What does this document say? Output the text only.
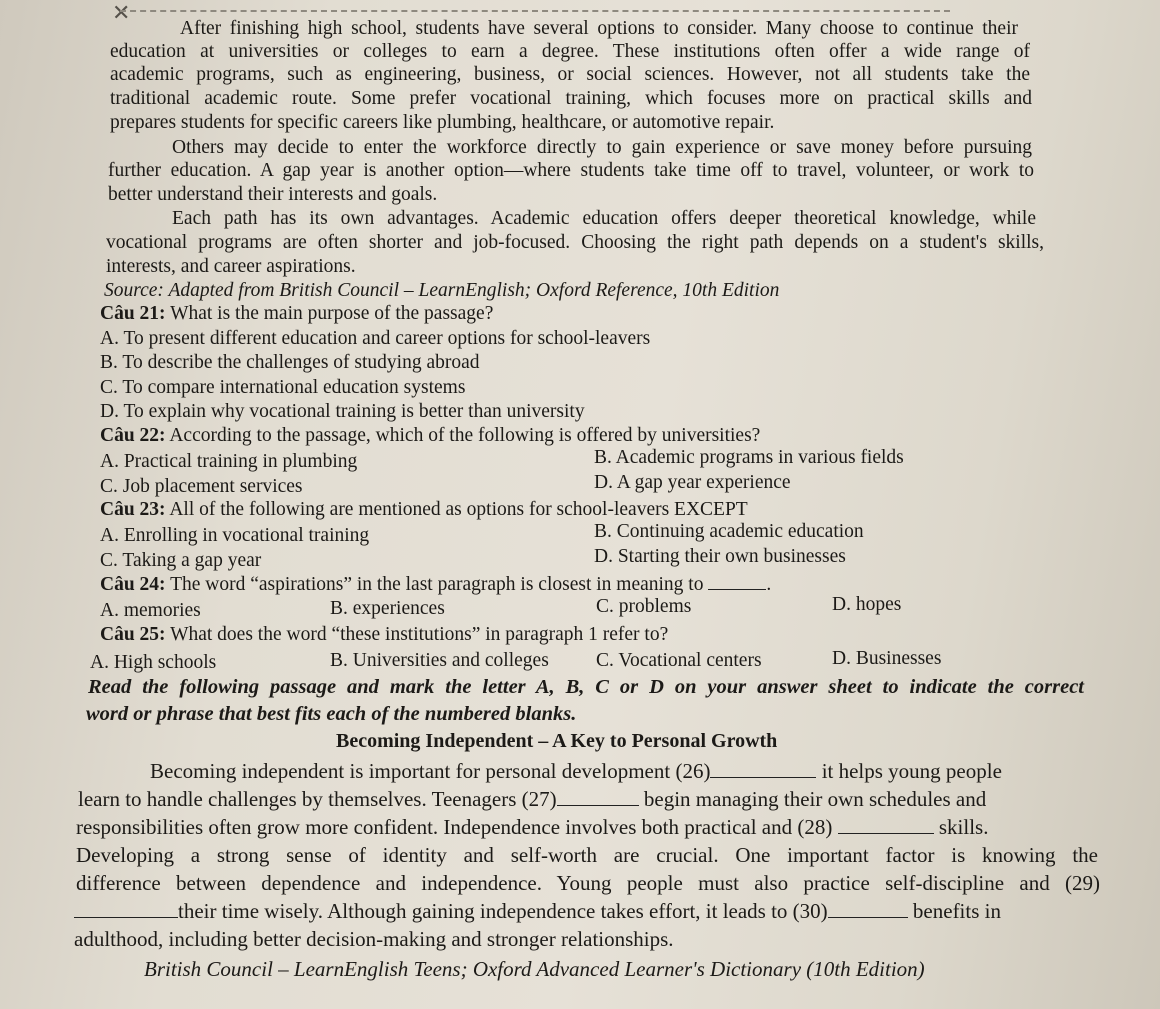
✕
After finishing high school, students have several options to consider. Many choose to continue their
education at universities or colleges to earn a degree. These institutions often offer a wide range of
academic programs, such as engineering, business, or social sciences. However, not all students take the
traditional academic route. Some prefer vocational training, which focuses more on practical skills and
prepares students for specific careers like plumbing, healthcare, or automotive repair.
Others may decide to enter the workforce directly to gain experience or save money before pursuing
further education. A gap year is another option—where students take time off to travel, volunteer, or work to
better understand their interests and goals.
Each path has its own advantages. Academic education offers deeper theoretical knowledge, while
vocational programs are often shorter and job-focused. Choosing the right path depends on a student's skills,
interests, and career aspirations.
Source: Adapted from British Council – LearnEnglish; Oxford Reference, 10th Edition
Câu 21: What is the main purpose of the passage?
A. To present different education and career options for school-leavers
B. To describe the challenges of studying abroad
C. To compare international education systems
D. To explain why vocational training is better than university
Câu 22: According to the passage, which of the following is offered by universities?
A. Practical training in plumbing	B. Academic programs in various fields
C. Job placement services	D. A gap year experience
Câu 23: All of the following are mentioned as options for school-leavers EXCEPT
A. Enrolling in vocational training	B. Continuing academic education
C. Taking a gap year	D. Starting their own businesses
Câu 24: The word “aspirations” in the last paragraph is closest in meaning to	.
A. memories	B. experiences	C. problems	D. hopes
Câu 25: What does the word “these institutions” in paragraph 1 refer to?
A. High schools	B. Universities and colleges C. Vocational centers	D. Businesses
Read the following passage and mark the letter A, B, C or D on your answer sheet to indicate the correct
word or phrase that best fits each of the numbered blanks.
Becoming Independent – A Key to Personal Growth
Becoming independent is important for personal development (26)	it helps young people
learn to handle challenges by themselves. Teenagers (27)	begin managing their own schedules and
responsibilities often grow more confident. Independence involves both practical and (28)	skills.
Developing a strong sense of identity and self-worth are crucial. One important factor is knowing the
difference between dependence and independence. Young people must also practice self-discipline and (29)
their time wisely. Although gaining independence takes effort, it leads to (30)	benefits in
adulthood, including better decision-making and stronger relationships.
British Council – LearnEnglish Teens; Oxford Advanced Learner's Dictionary (10th Edition)
